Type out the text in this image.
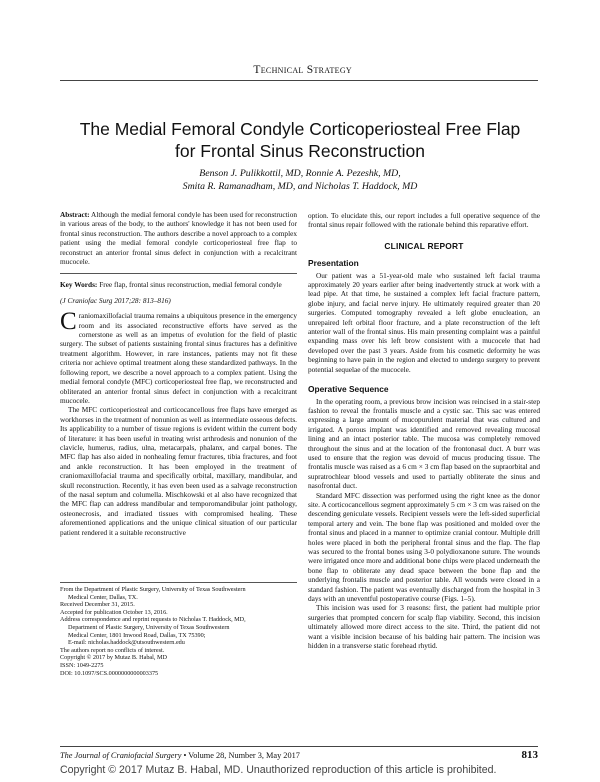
Technical Strategy
The Medial Femoral Condyle Corticoperiosteal Free Flap
for Frontal Sinus Reconstruction
Benson J. Pulikkottil, MD, Ronnie A. Pezeshk, MD,
Smita R. Ramanadham, MD, and Nicholas T. Haddock, MD

Abstract: Although the medial femoral condyle has been used for reconstruction in various areas of the body, to the authors' knowledge it has not been used for frontal sinus reconstruction. The authors describe a novel approach to a complex patient using the medial femoral condyle corticoperiosteal free flap to reconstruct an anterior frontal sinus defect in conjunction with a recalcitrant mucocele.

Key Words: Free flap, frontal sinus reconstruction, medial femoral condyle

(J Craniofac Surg 2017;28: 813–816)

Craniomaxillofacial trauma remains a ubiquitous presence in the emergency room and its associated reconstructive efforts have served as the cornerstone as well as an impetus of evolution for the field of plastic surgery. The subset of patients sustaining frontal sinus fractures has a definitive treatment algorithm. However, in rare instances, patients may not fit these criteria nor achieve optimal treatment along these standardized pathways. In the following report, we describe a novel approach to a complex patient. Using the medial femoral condyle (MFC) corticoperiosteal free flap, we reconstructed and obliterated an anterior frontal sinus defect in conjunction with a recalcitrant mucocele.

The MFC corticoperiosteal and corticocancellous free flaps have emerged as workhorses in the treatment of nonunion as well as intermediate osseous defects. Its applicability to a number of tissue regions is evident within the current body of literature: it has been useful in treating wrist arthrodesis and nonunion of the clavicle, humerus, radius, ulna, metacarpals, phalanx, and carpal bones. The MFC flap has also aided in nonhealing femur fractures, tibia fractures, and foot and ankle reconstruction. It has been employed in the treatment of craniomaxillofacial trauma and specifically orbital, maxillary, mandibular, and skull reconstruction. Recently, it has even been used as a salvage reconstruction of the nasal septum and columella. Mischkowski et al also have recognized that the MFC flap can address mandibular and temporomandibular joint pathology, osteonecrosis, and irradiated tissues with compromised healing. These aforementioned applications and the unique clinical situation of our particular patient rendered it a suitable reconstructive

From the Department of Plastic Surgery, University of Texas Southwestern
Medical Center, Dallas, TX.
Received December 31, 2015.
Accepted for publication October 13, 2016.
Address correspondence and reprint requests to Nicholas T. Haddock, MD,
Department of Plastic Surgery, University of Texas Southwestern
Medical Center, 1801 Inwood Road, Dallas, TX 75390;
E-mail: nicholas.haddock@utsouthwestern.edu
The authors report no conflicts of interest.
Copyright © 2017 by Mutaz B. Habal, MD
ISSN: 1049-2275
DOI: 10.1097/SCS.0000000000003375

option. To elucidate this, our report includes a full operative sequence of the frontal sinus repair followed with the rationale behind this reparative effort.

CLINICAL REPORT
Presentation

Our patient was a 51-year-old male who sustained left facial trauma approximately 20 years earlier after being inadvertently struck at work with a lead pipe. At that time, he sustained a complex left facial fracture pattern, globe injury, and facial nerve injury. He ultimately required greater than 20 surgeries. Computed tomography revealed a left globe enucleation, an unrepaired left orbital floor fracture, and a plate reconstruction of the left anterior wall of the frontal sinus. His main presenting complaint was a painful expanding mass over his left brow consistent with a mucocele that had developed over the past 3 years. Aside from his cosmetic deformity he was beginning to have pain in the region and elected to undergo surgery to prevent potential sequelae of the mucocele.

Operative Sequence

In the operating room, a previous brow incision was reincised in a stair-step fashion to reveal the frontalis muscle and a cystic sac. This sac was entered expressing a large amount of mucopurulent material that was cultured and irrigated. A porous implant was identified and removed revealing mucosal lining and an intact posterior table. The mucosa was completely removed throughout the sinus and at the location of the frontonasal duct. A burr was used to ensure that the region was devoid of mucus producing tissue. The frontalis muscle was raised as a 6 cm × 3 cm flap based on the supraorbital and supratrochlear blood vessels and used to partially obliterate the sinus and nasofrontal duct.

Standard MFC dissection was performed using the right knee as the donor site. A corticocancellous segment approximately 5 cm × 3 cm was raised on the descending geniculate vessels. Recipient vessels were the left-sided superficial temporal artery and vein. The bone flap was positioned and molded over the frontal sinus and placed in a manner to optimize cranial contour. Multiple drill holes were placed in both the peripheral frontal sinus and the flap. The flap was secured to the frontal bones using 3-0 polydioxanone suture. The wounds were irrigated once more and additional bone chips were placed underneath the bone flap to obliterate any dead space between the bone flap and the underlying frontalis muscle and posterior table. All wounds were closed in a standard fashion. The patient was eventually discharged from the hospital in 3 days with an uneventful postoperative course (Figs. 1–5).

This incision was used for 3 reasons: first, the patient had multiple prior surgeries that prompted concern for scalp flap viability. Second, this incision ultimately allowed more direct access to the site. Third, the patient did not want a visible incision because of his balding hair pattern. The incision was hidden in a transverse static forehead rhytid.

The Journal of Craniofacial Surgery • Volume 28, Number 3, May 2017	813
Copyright © 2017 Mutaz B. Habal, MD. Unauthorized reproduction of this article is prohibited.
